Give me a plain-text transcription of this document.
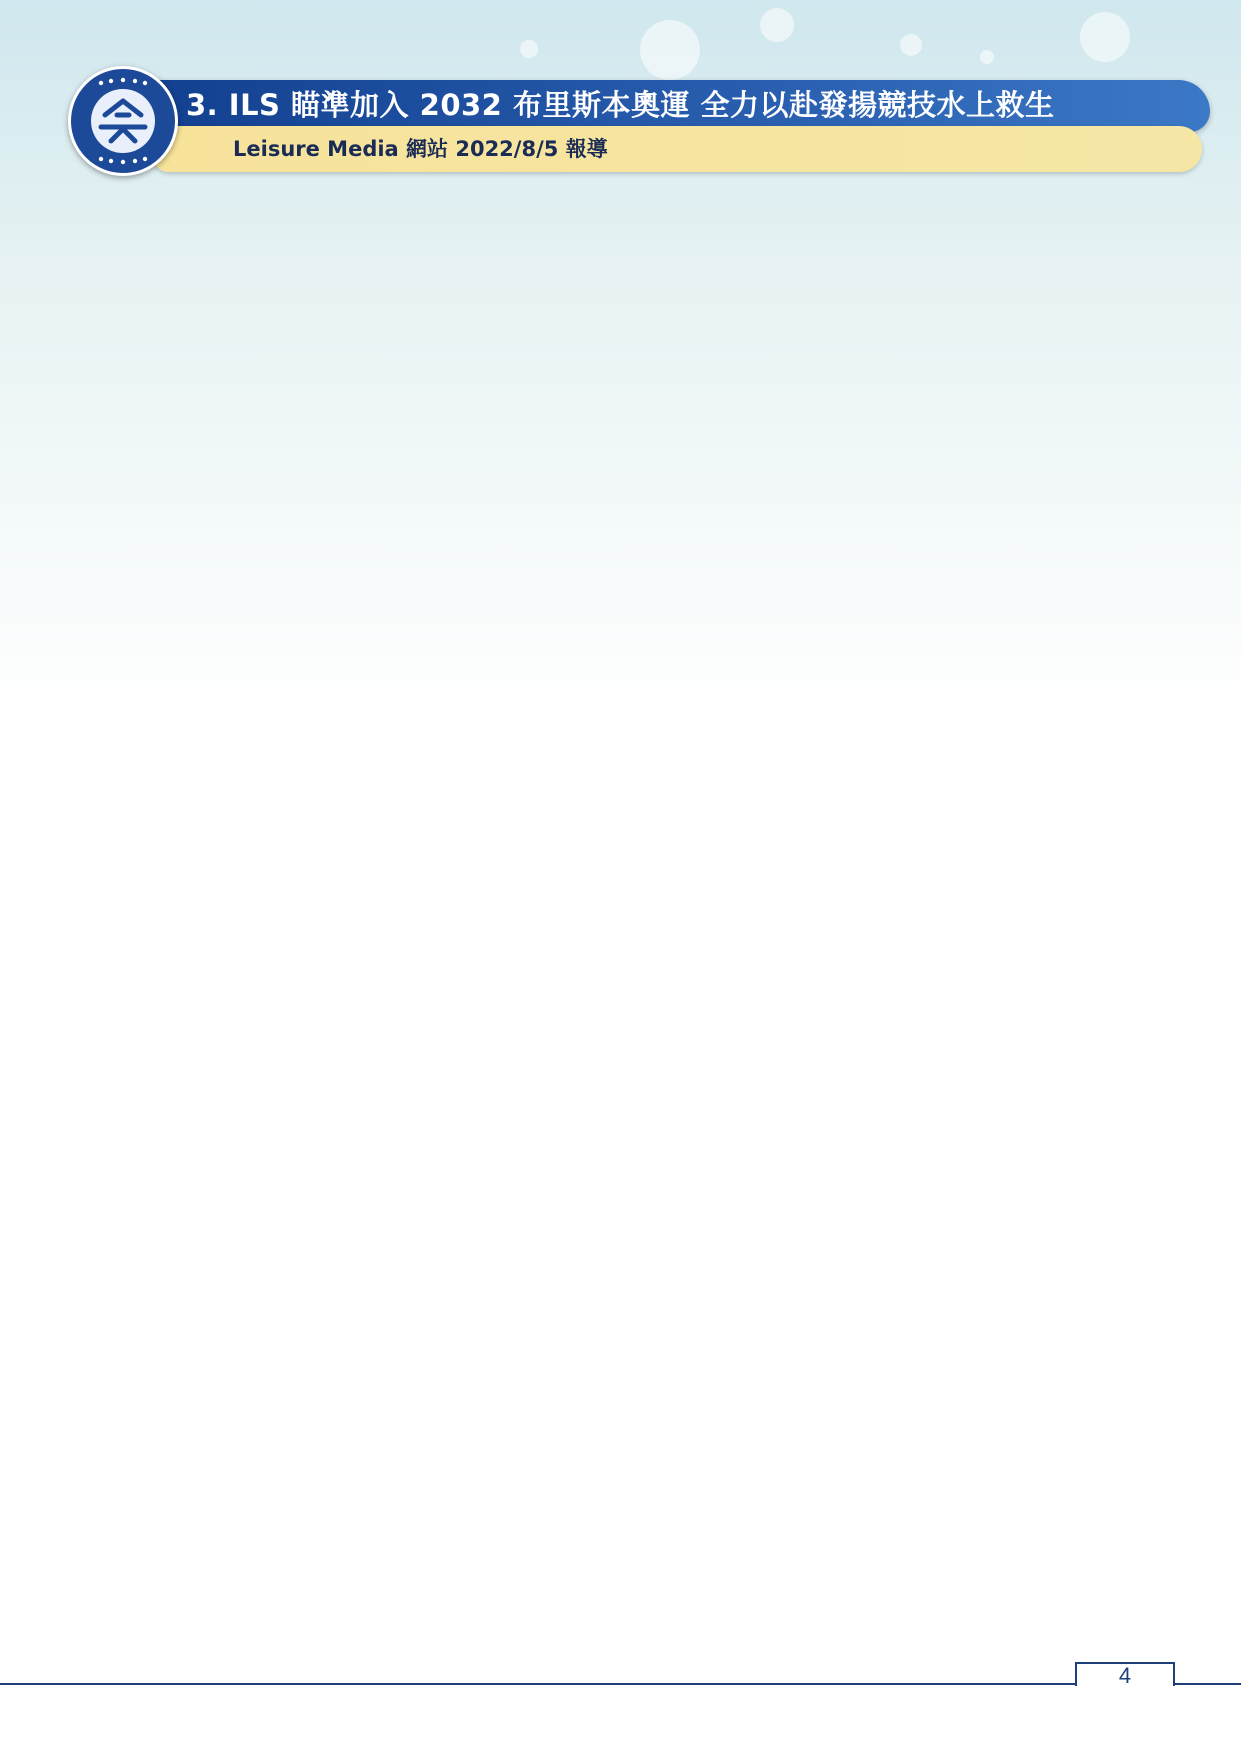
3. ILS 瞄準加入 2032 布里斯本奧運 全力以赴發揚競技水上救生

Leisure Media 網站 2022/8/5 報導

4
